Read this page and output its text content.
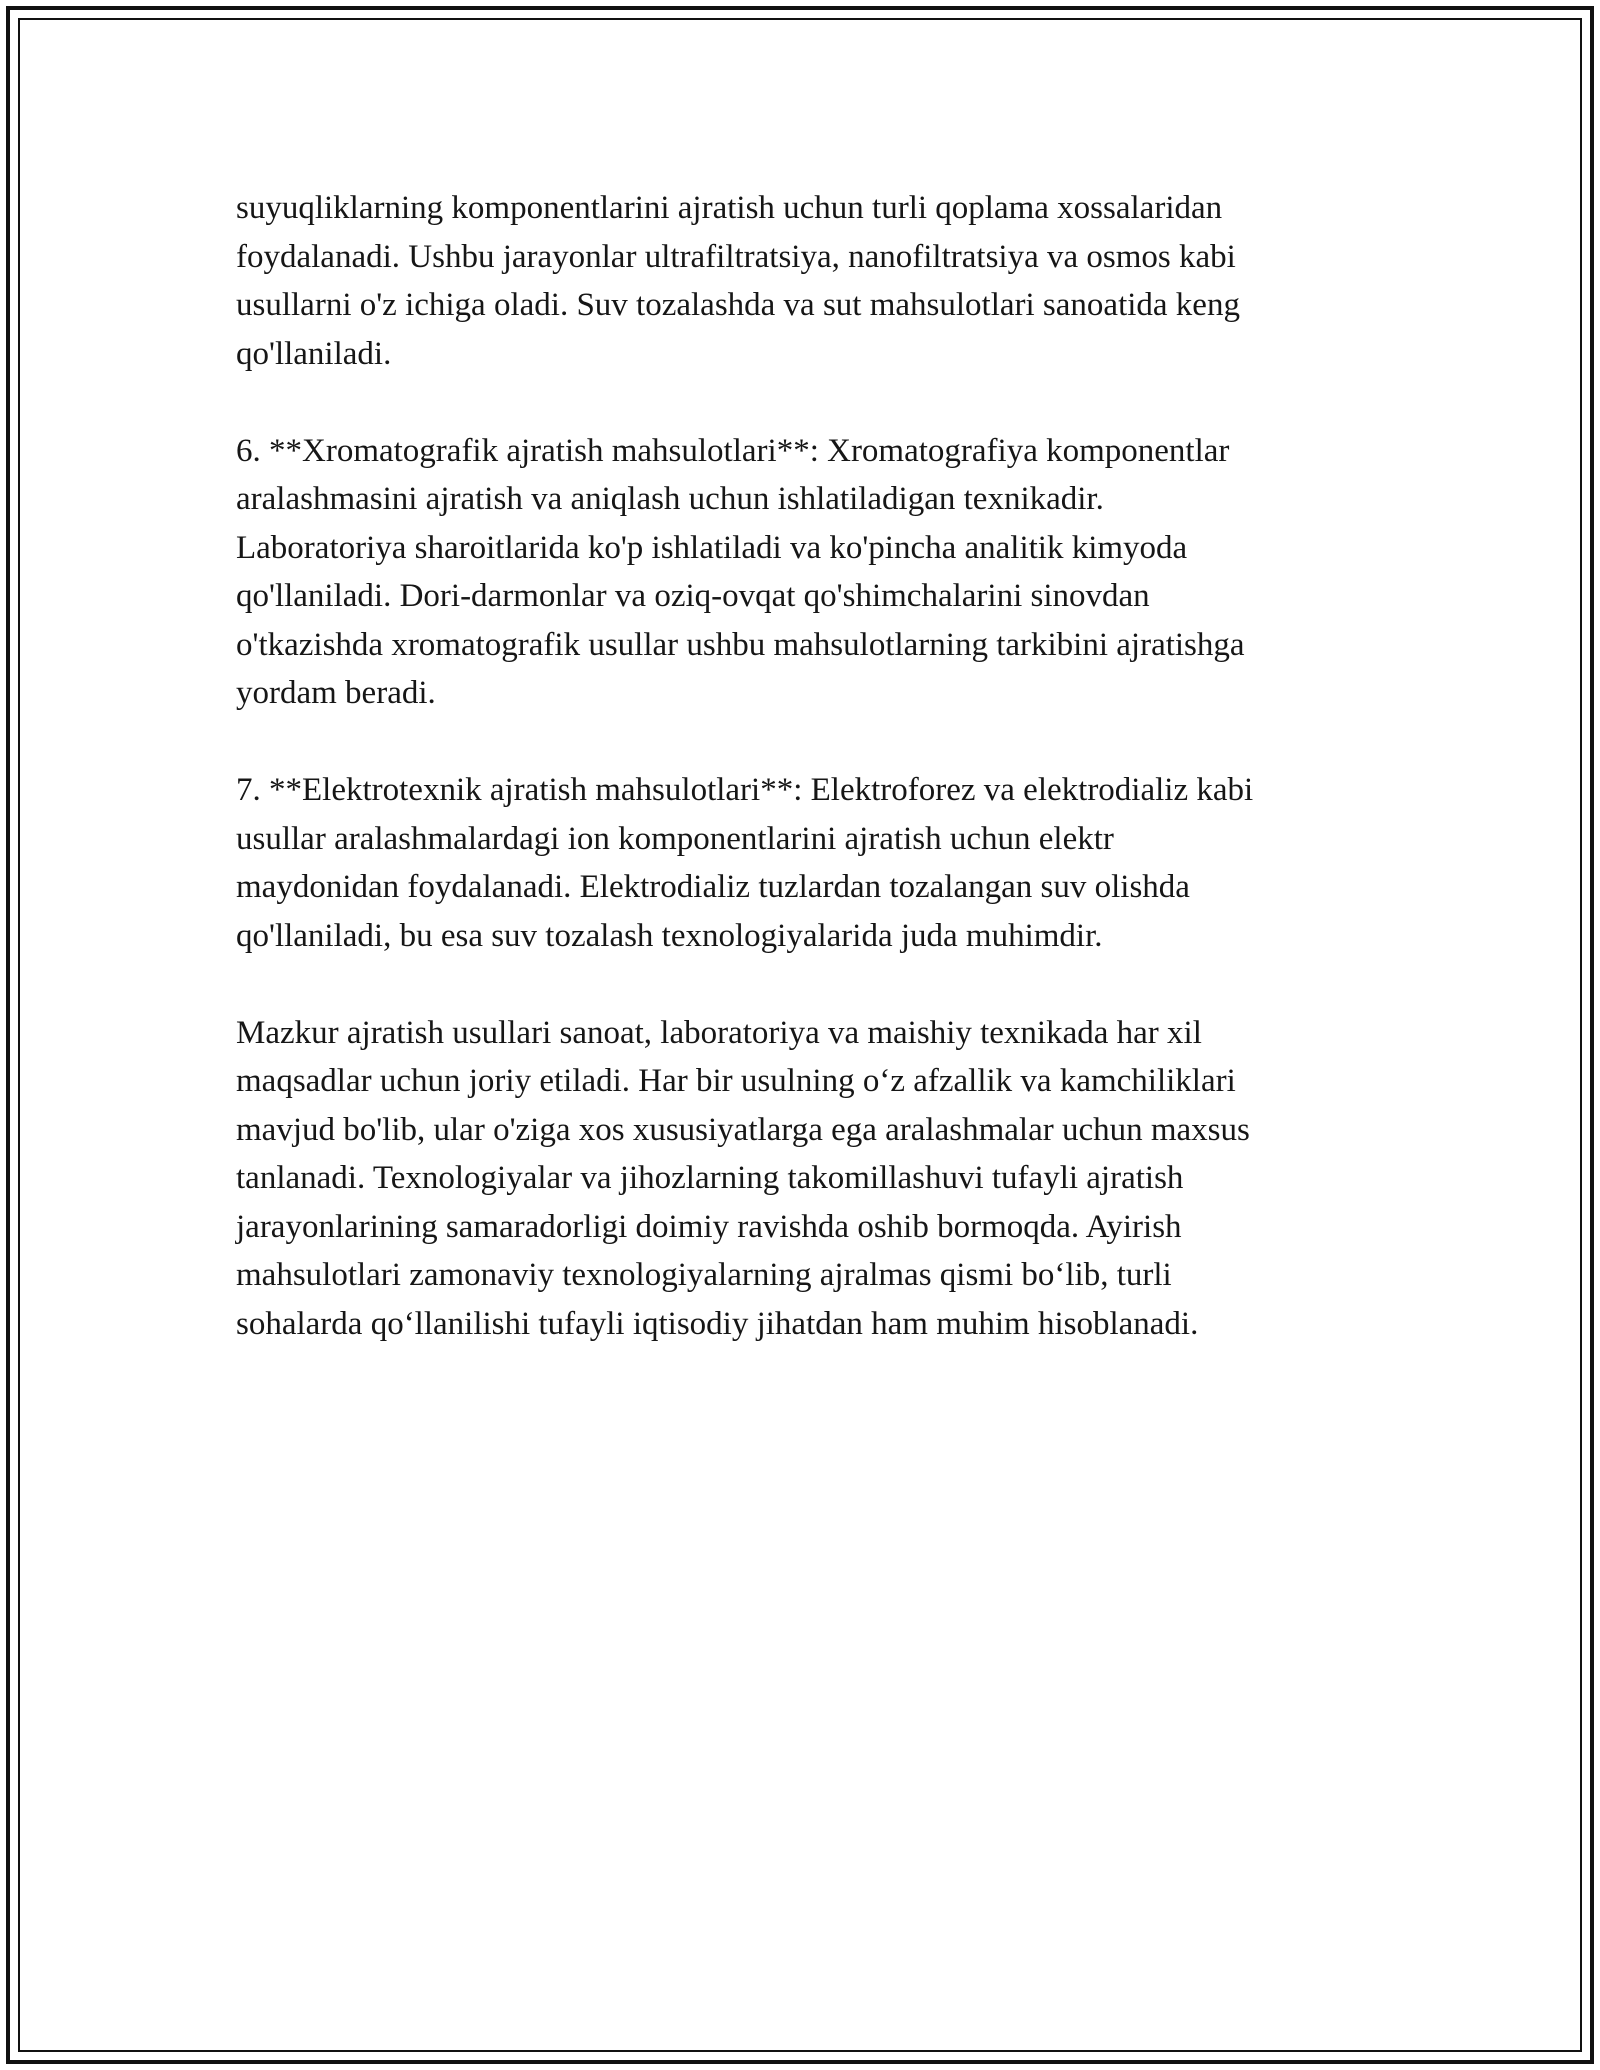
suyuqliklarning komponentlarini ajratish uchun turli qoplama xossalaridan
foydalanadi. Ushbu jarayonlar ultrafiltratsiya, nanofiltratsiya va osmos kabi
usullarni o'z ichiga oladi. Suv tozalashda va sut mahsulotlari sanoatida keng
qo'llaniladi.

6. **Xromatografik ajratish mahsulotlari**: Xromatografiya komponentlar
aralashmasini ajratish va aniqlash uchun ishlatiladigan texnikadir.
Laboratoriya sharoitlarida ko'p ishlatiladi va ko'pincha analitik kimyoda
qo'llaniladi. Dori-darmonlar va oziq-ovqat qo'shimchalarini sinovdan
o'tkazishda xromatografik usullar ushbu mahsulotlarning tarkibini ajratishga
yordam beradi.

7. **Elektrotexnik ajratish mahsulotlari**: Elektroforez va elektrodializ kabi
usullar aralashmalardagi ion komponentlarini ajratish uchun elektr
maydonidan foydalanadi. Elektrodializ tuzlardan tozalangan suv olishda
qo'llaniladi, bu esa suv tozalash texnologiyalarida juda muhimdir.

Mazkur ajratish usullari sanoat, laboratoriya va maishiy texnikada har xil
maqsadlar uchun joriy etiladi. Har bir usulning o‘z afzallik va kamchiliklari
mavjud bo'lib, ular o'ziga xos xususiyatlarga ega aralashmalar uchun maxsus
tanlanadi. Texnologiyalar va jihozlarning takomillashuvi tufayli ajratish
jarayonlarining samaradorligi doimiy ravishda oshib bormoqda. Ayirish
mahsulotlari zamonaviy texnologiyalarning ajralmas qismi bo‘lib, turli
sohalarda qo‘llanilishi tufayli iqtisodiy jihatdan ham muhim hisoblanadi.
